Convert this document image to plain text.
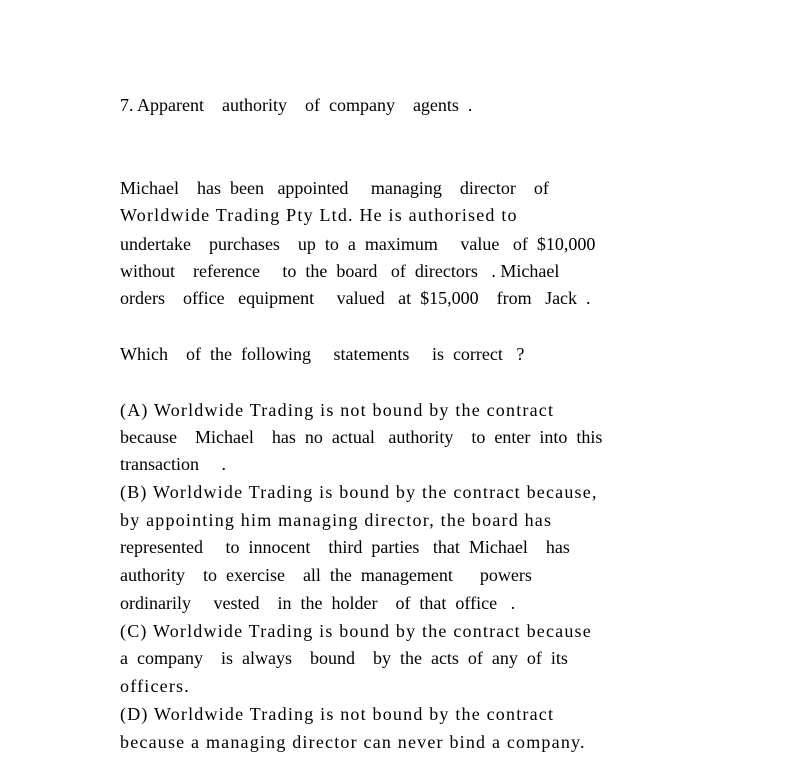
7. Apparent    authority    of  company    agents  .

Michael    has  been   appointed     managing    director    of

Worldwide Trading Pty Ltd. He is authorised to

undertake    purchases    up  to  a  maximum     value   of  $10,000

without    reference     to  the  board   of  directors   . Michael

orders    office   equipment     valued   at  $15,000    from   Jack  .

Which    of  the  following     statements     is  correct   ?

(A) Worldwide Trading is not bound by the contract

because    Michael    has  no  actual   authority    to  enter  into  this

transaction     .

(B) Worldwide Trading is bound by the contract because,

by appointing him managing director, the board has

represented     to  innocent    third  parties   that  Michael    has

authority    to  exercise    all  the  management      powers

ordinarily     vested    in  the  holder    of  that  office   .

(C) Worldwide Trading is bound by the contract because

a  company    is  always    bound    by  the  acts  of  any  of  its

officers.

(D) Worldwide Trading is not bound by the contract

because a managing director can never bind a company.
